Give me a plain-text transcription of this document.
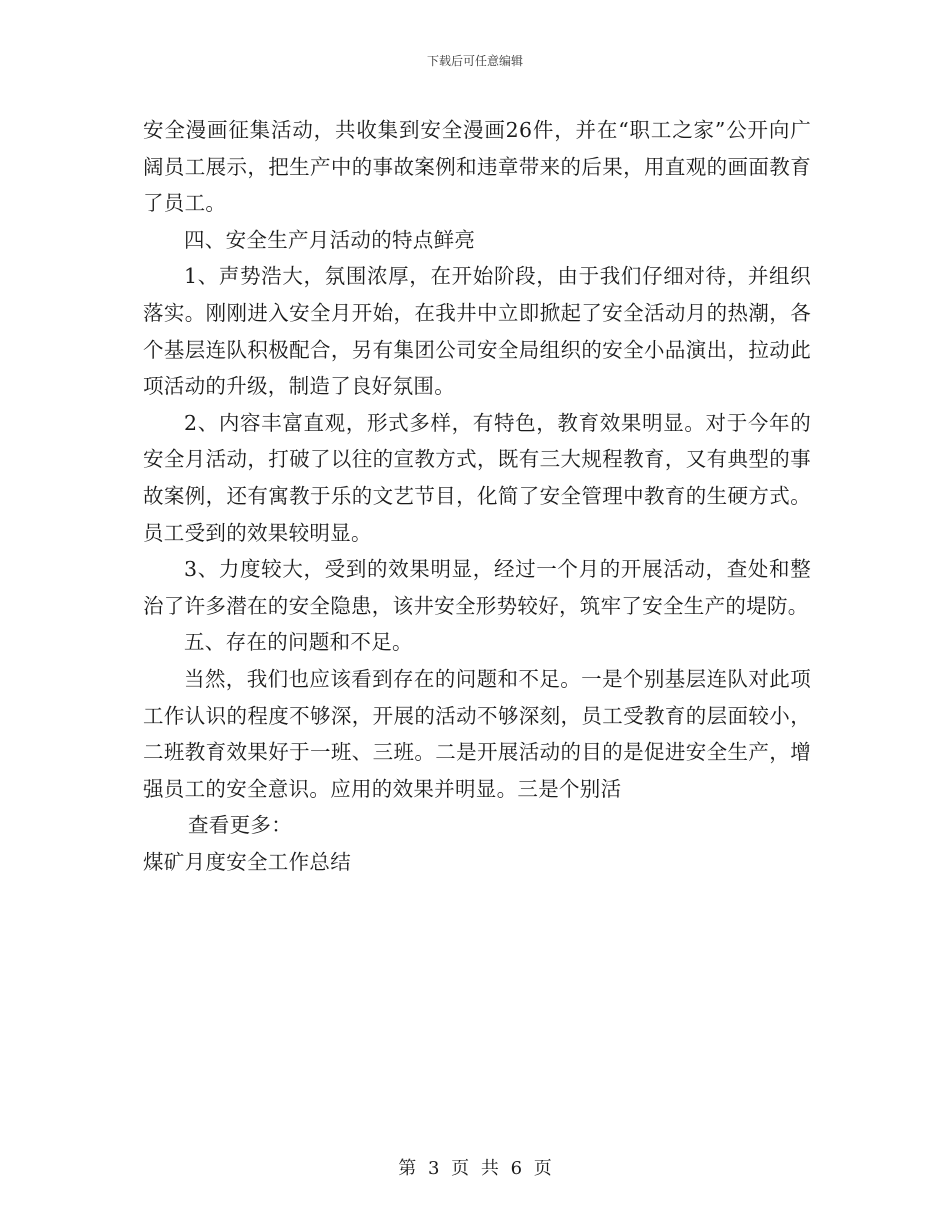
下载后可任意编辑

安全漫画征集活动，共收集到安全漫画26件，并在“职工之家”公开向广阔员工展示，把生产中的事故案例和违章带来的后果，用直观的画面教育了员工。

四、安全生产月活动的特点鲜亮

1、声势浩大，氛围浓厚，在开始阶段，由于我们仔细对待，并组织落实。刚刚进入安全月开始，在我井中立即掀起了安全活动月的热潮，各个基层连队积极配合，另有集团公司安全局组织的安全小品演出，拉动此项活动的升级，制造了良好氛围。

2、内容丰富直观，形式多样，有特色，教育效果明显。对于今年的安全月活动，打破了以往的宣教方式，既有三大规程教育，又有典型的事故案例，还有寓教于乐的文艺节目，化简了安全管理中教育的生硬方式。员工受到的效果较明显。

3、力度较大，受到的效果明显，经过一个月的开展活动，查处和整治了许多潜在的安全隐患，该井安全形势较好，筑牢了安全生产的堤防。

五、存在的问题和不足。

当然，我们也应该看到存在的问题和不足。一是个别基层连队对此项工作认识的程度不够深，开展的活动不够深刻，员工受教育的层面较小，二班教育效果好于一班、三班。二是开展活动的目的是促进安全生产，增强员工的安全意识。应用的效果并明显。三是个别活

查看更多：

煤矿月度安全工作总结

第 3 页 共 6 页
